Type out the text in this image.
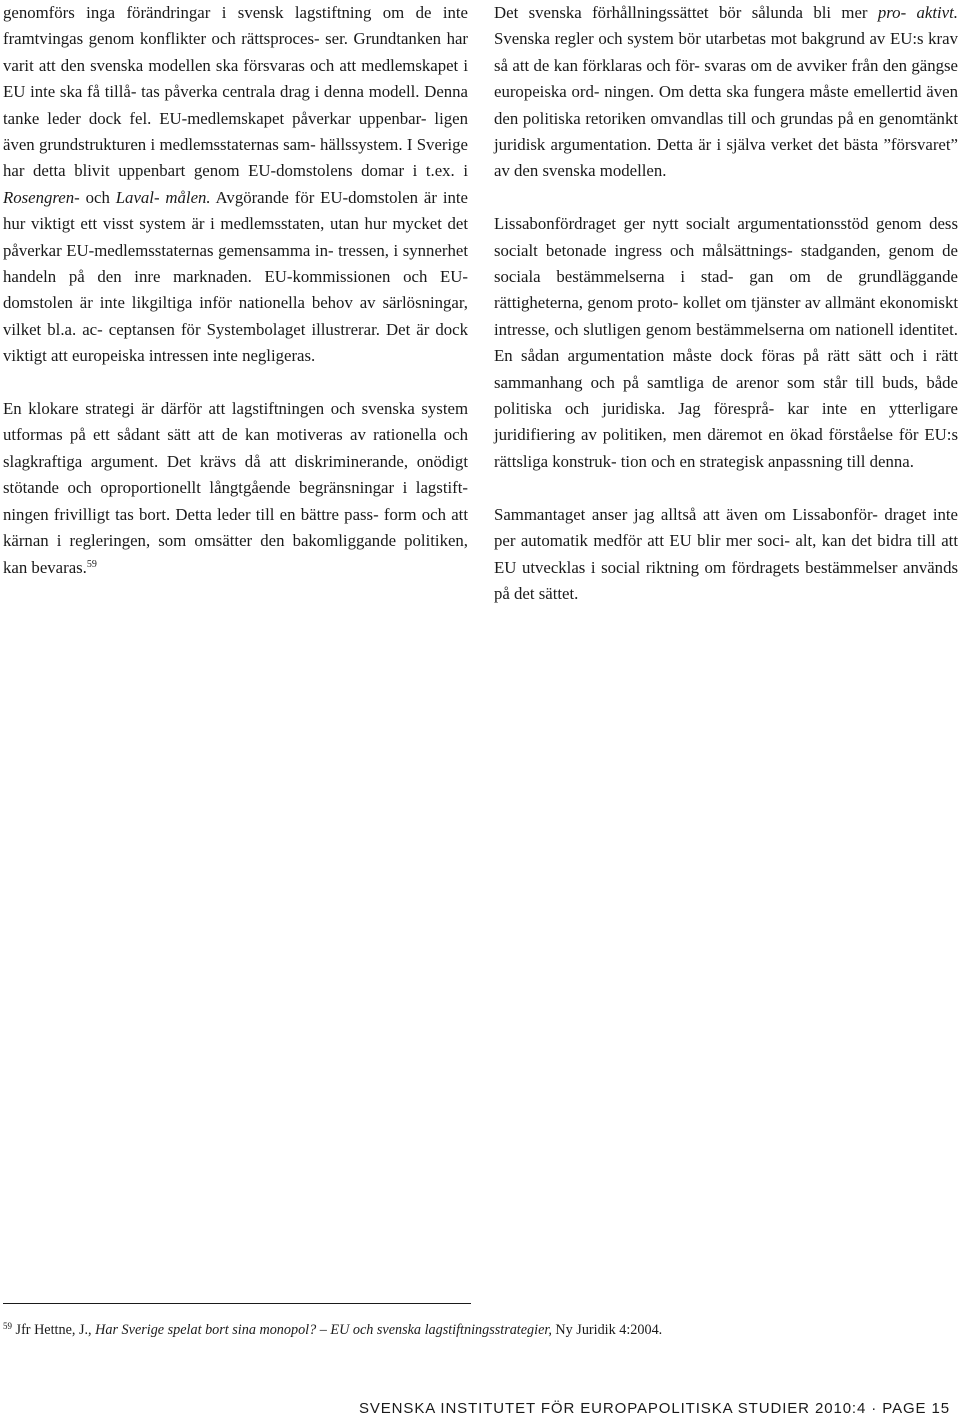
genomförs inga förändringar i svensk lagstiftning om de inte framtvingas genom konflikter och rättsproces- ser. Grundtanken har varit att den svenska modellen ska försvaras och att medlemskapet i EU inte ska få tillå- tas påverka centrala drag i denna modell. Denna tanke leder dock fel. EU-medlemskapet påverkar uppenbar- ligen även grundstrukturen i medlemsstaternas sam- hällssystem. I Sverige har detta blivit uppenbart genom EU-domstolens domar i t.ex. i Rosengren- och Laval- målen. Avgörande för EU-domstolen är inte hur viktigt ett visst system är i medlemsstaten, utan hur mycket det påverkar EU-medlemsstaternas gemensamma in- tressen, i synnerhet handeln på den inre marknaden. EU-kommissionen och EU-domstolen är inte likgiltiga inför nationella behov av särlösningar, vilket bl.a. ac- ceptansen för Systembolaget illustrerar. Det är dock viktigt att europeiska intressen inte negligeras.

En klokare strategi är därför att lagstiftningen och svenska system utformas på ett sådant sätt att de kan motiveras av rationella och slagkraftiga argument. Det krävs då att diskriminerande, onödigt stötande och oproportionellt långtgående begränsningar i lagstift- ningen frivilligt tas bort. Detta leder till en bättre pass- form och att kärnan i regleringen, som omsätter den bakomliggande politiken, kan bevaras.$^{59}$

Det svenska förhållningssättet bör sålunda bli mer pro- aktivt. Svenska regler och system bör utarbetas mot bakgrund av EU:s krav så att de kan förklaras och för- svaras om de avviker från den gängse europeiska ord- ningen. Om detta ska fungera måste emellertid även den politiska retoriken omvandlas till och grundas på en genomtänkt juridisk argumentation. Detta är i själva verket det bästa ”försvaret” av den svenska modellen.

Lissabonfördraget ger nytt socialt argumentationsstöd genom dess socialt betonade ingress och målsättnings- stadganden, genom de sociala bestämmelserna i stad- gan om de grundläggande rättigheterna, genom proto- kollet om tjänster av allmänt ekonomiskt intresse, och slutligen genom bestämmelserna om nationell identitet. En sådan argumentation måste dock föras på rätt sätt och i rätt sammanhang och på samtliga de arenor som står till buds, både politiska och juridiska. Jag föresprå- kar inte en ytterligare juridifiering av politiken, men däremot en ökad förståelse för EU:s rättsliga konstruk- tion och en strategisk anpassning till denna.

Sammantaget anser jag alltså att även om Lissabonför- draget inte per automatik medför att EU blir mer soci- alt, kan det bidra till att EU utvecklas i social riktning om fördragets bestämmelser används på det sättet.

$^{59}$ Jfr Hettne, J., Har Sverige spelat bort sina monopol? – EU och svenska lagstiftningsstrategier, Ny Juridik 4:2004.
SVENSKA INSTITUTET FÖR EUROPAPOLITISKA STUDIER 2010:4 · PAGE 15
